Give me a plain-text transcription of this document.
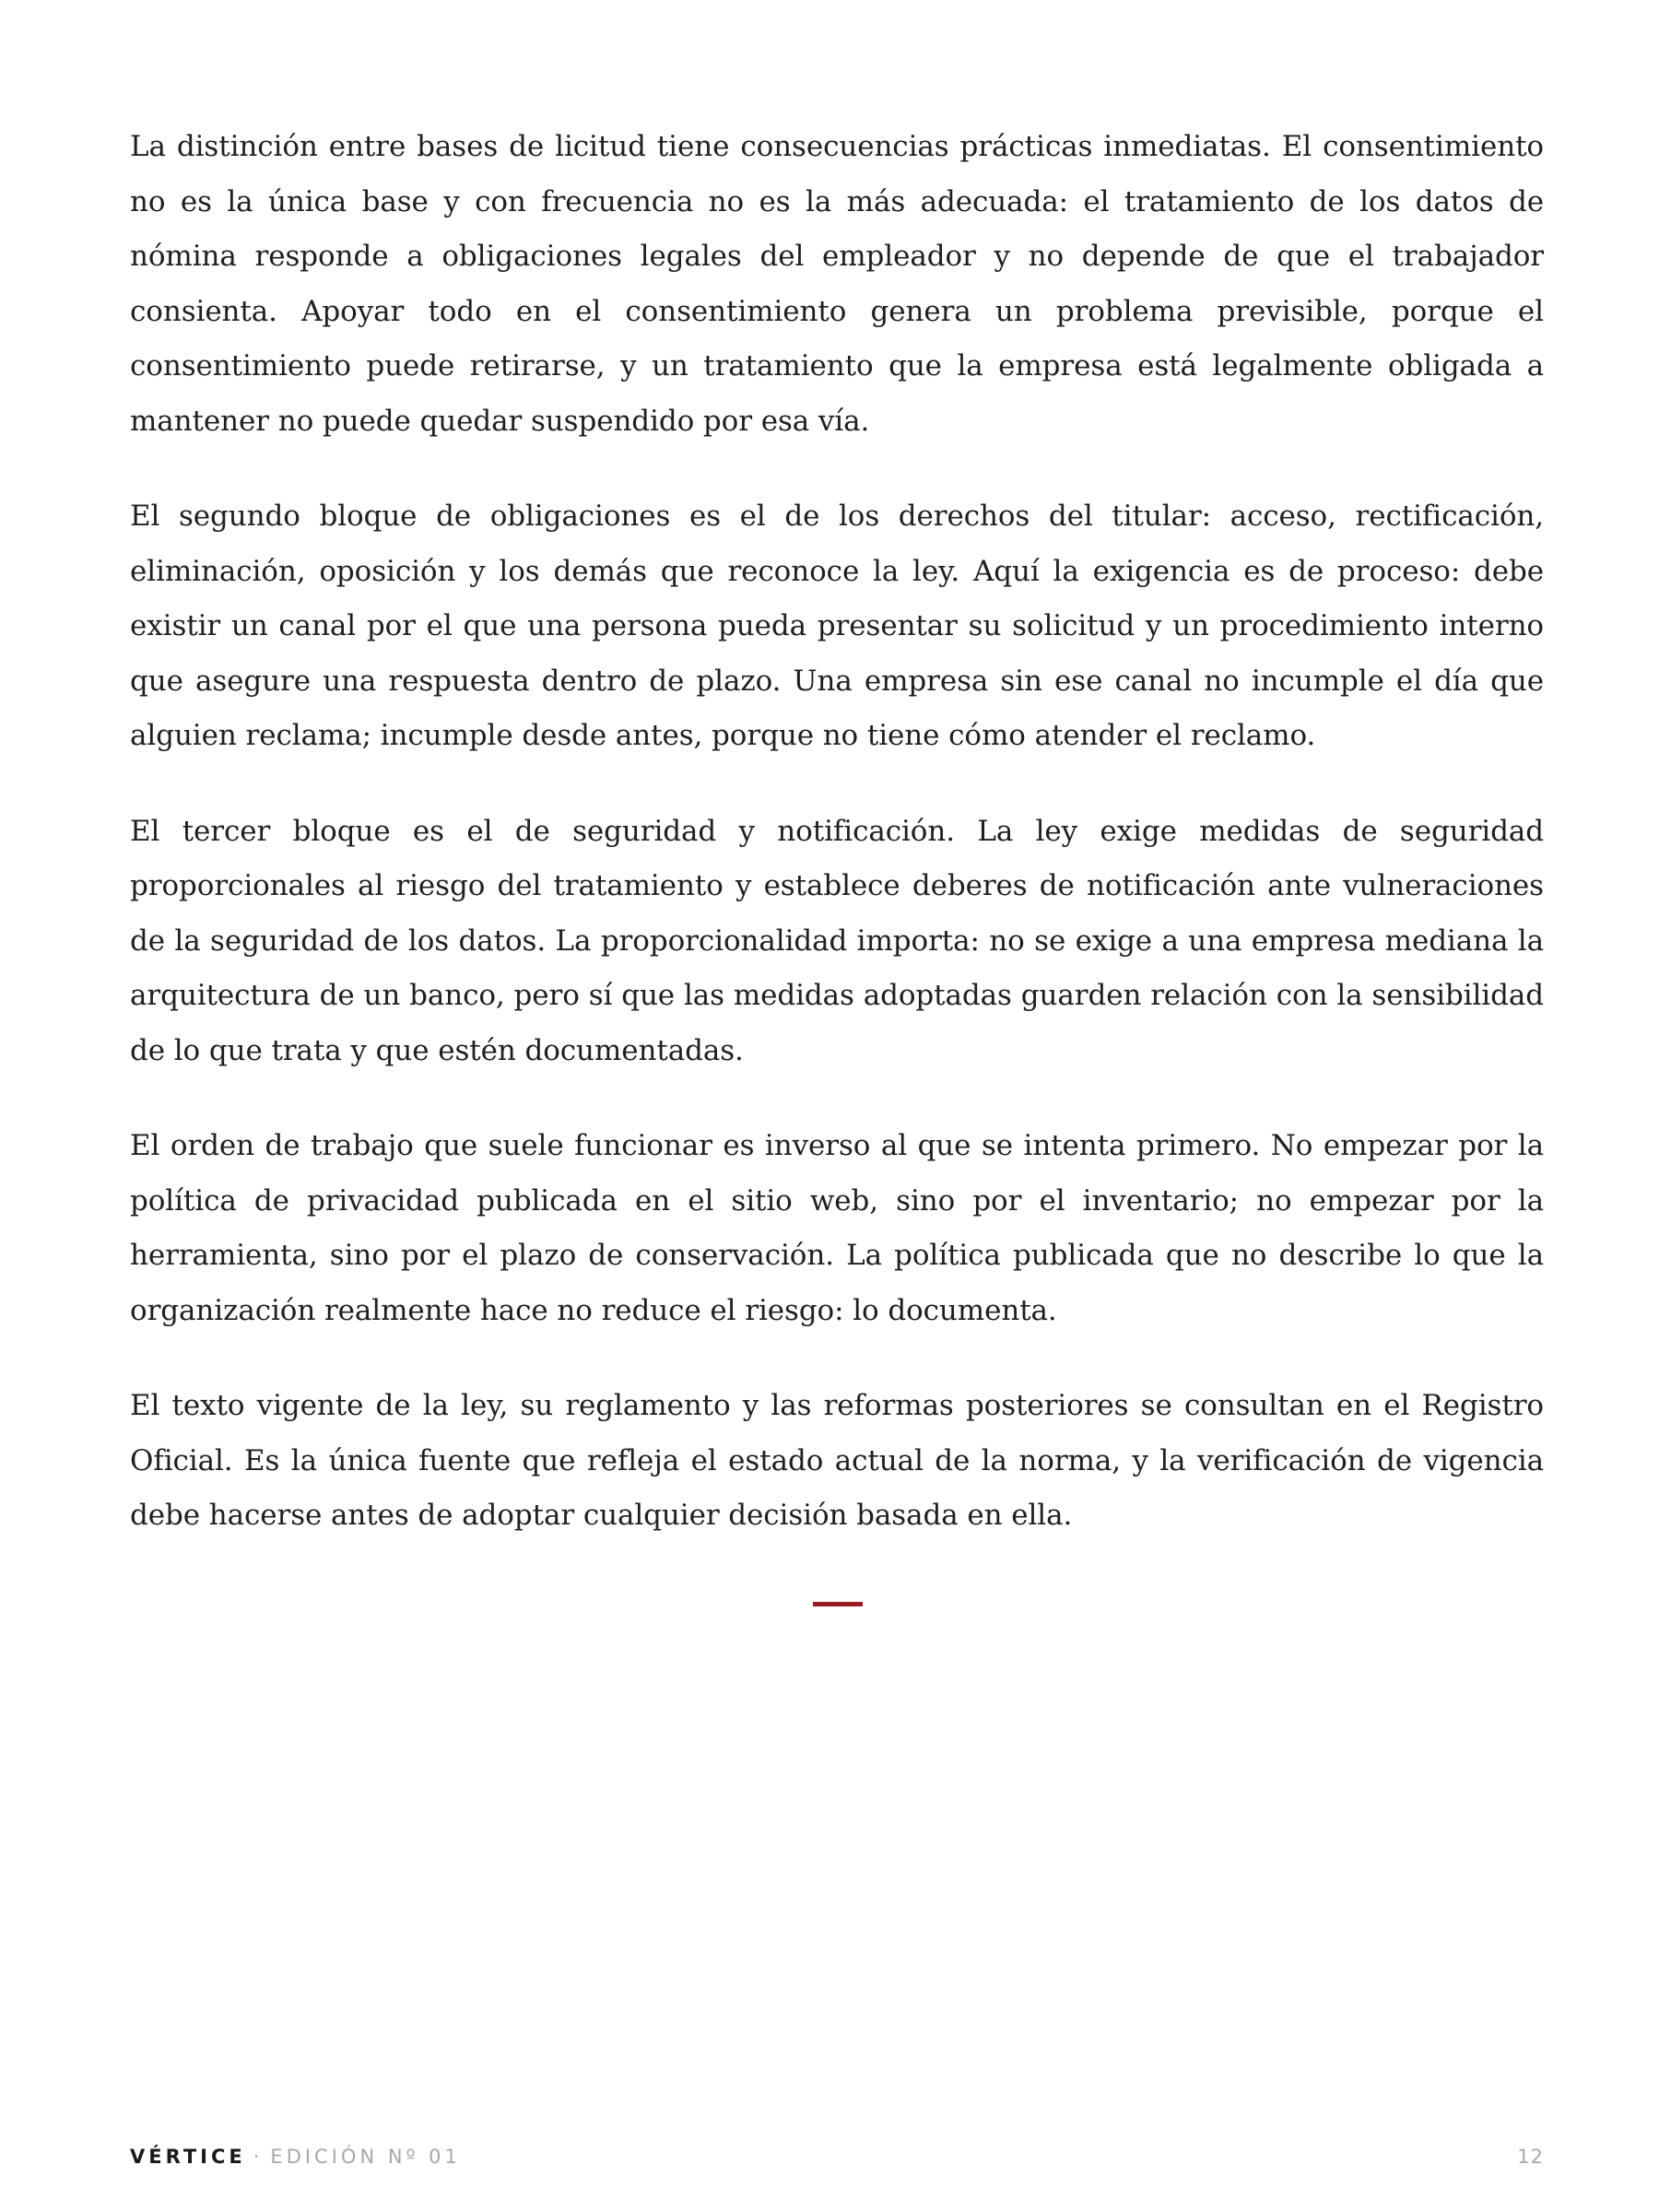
La distinción entre bases de licitud tiene consecuencias prácticas inmediatas. El consentimiento no es la única base y con frecuencia no es la más adecuada: el tratamiento de los datos de nómina responde a obligaciones legales del empleador y no depende de que el trabajador consienta. Apoyar todo en el consentimiento genera un problema previsible, porque el consentimiento puede retirarse, y un tratamiento que la empresa está legalmente obligada a mantener no puede quedar suspendido por esa vía.

El segundo bloque de obligaciones es el de los derechos del titular: acceso, rectificación, eliminación, oposición y los demás que reconoce la ley. Aquí la exigencia es de proceso: debe existir un canal por el que una persona pueda presentar su solicitud y un procedimiento interno que asegure una respuesta dentro de plazo. Una empresa sin ese canal no incumple el día que alguien reclama; incumple desde antes, porque no tiene cómo atender el reclamo.

El tercer bloque es el de seguridad y notificación. La ley exige medidas de seguridad proporcionales al riesgo del tratamiento y establece deberes de notificación ante vulneraciones de la seguridad de los datos. La proporcionalidad importa: no se exige a una empresa mediana la arquitectura de un banco, pero sí que las medidas adoptadas guarden relación con la sensibilidad de lo que trata y que estén documentadas.

El orden de trabajo que suele funcionar es inverso al que se intenta primero. No empezar por la política de privacidad publicada en el sitio web, sino por el inventario; no empezar por la herramienta, sino por el plazo de conservación. La política publicada que no describe lo que la organización realmente hace no reduce el riesgo: lo documenta.

El texto vigente de la ley, su reglamento y las reformas posteriores se consultan en el Registro Oficial. Es la única fuente que refleja el estado actual de la norma, y la verificación de vigencia debe hacerse antes de adoptar cualquier decisión basada en ella.

VÉRTICE · EDICIÓN Nº 01	12
